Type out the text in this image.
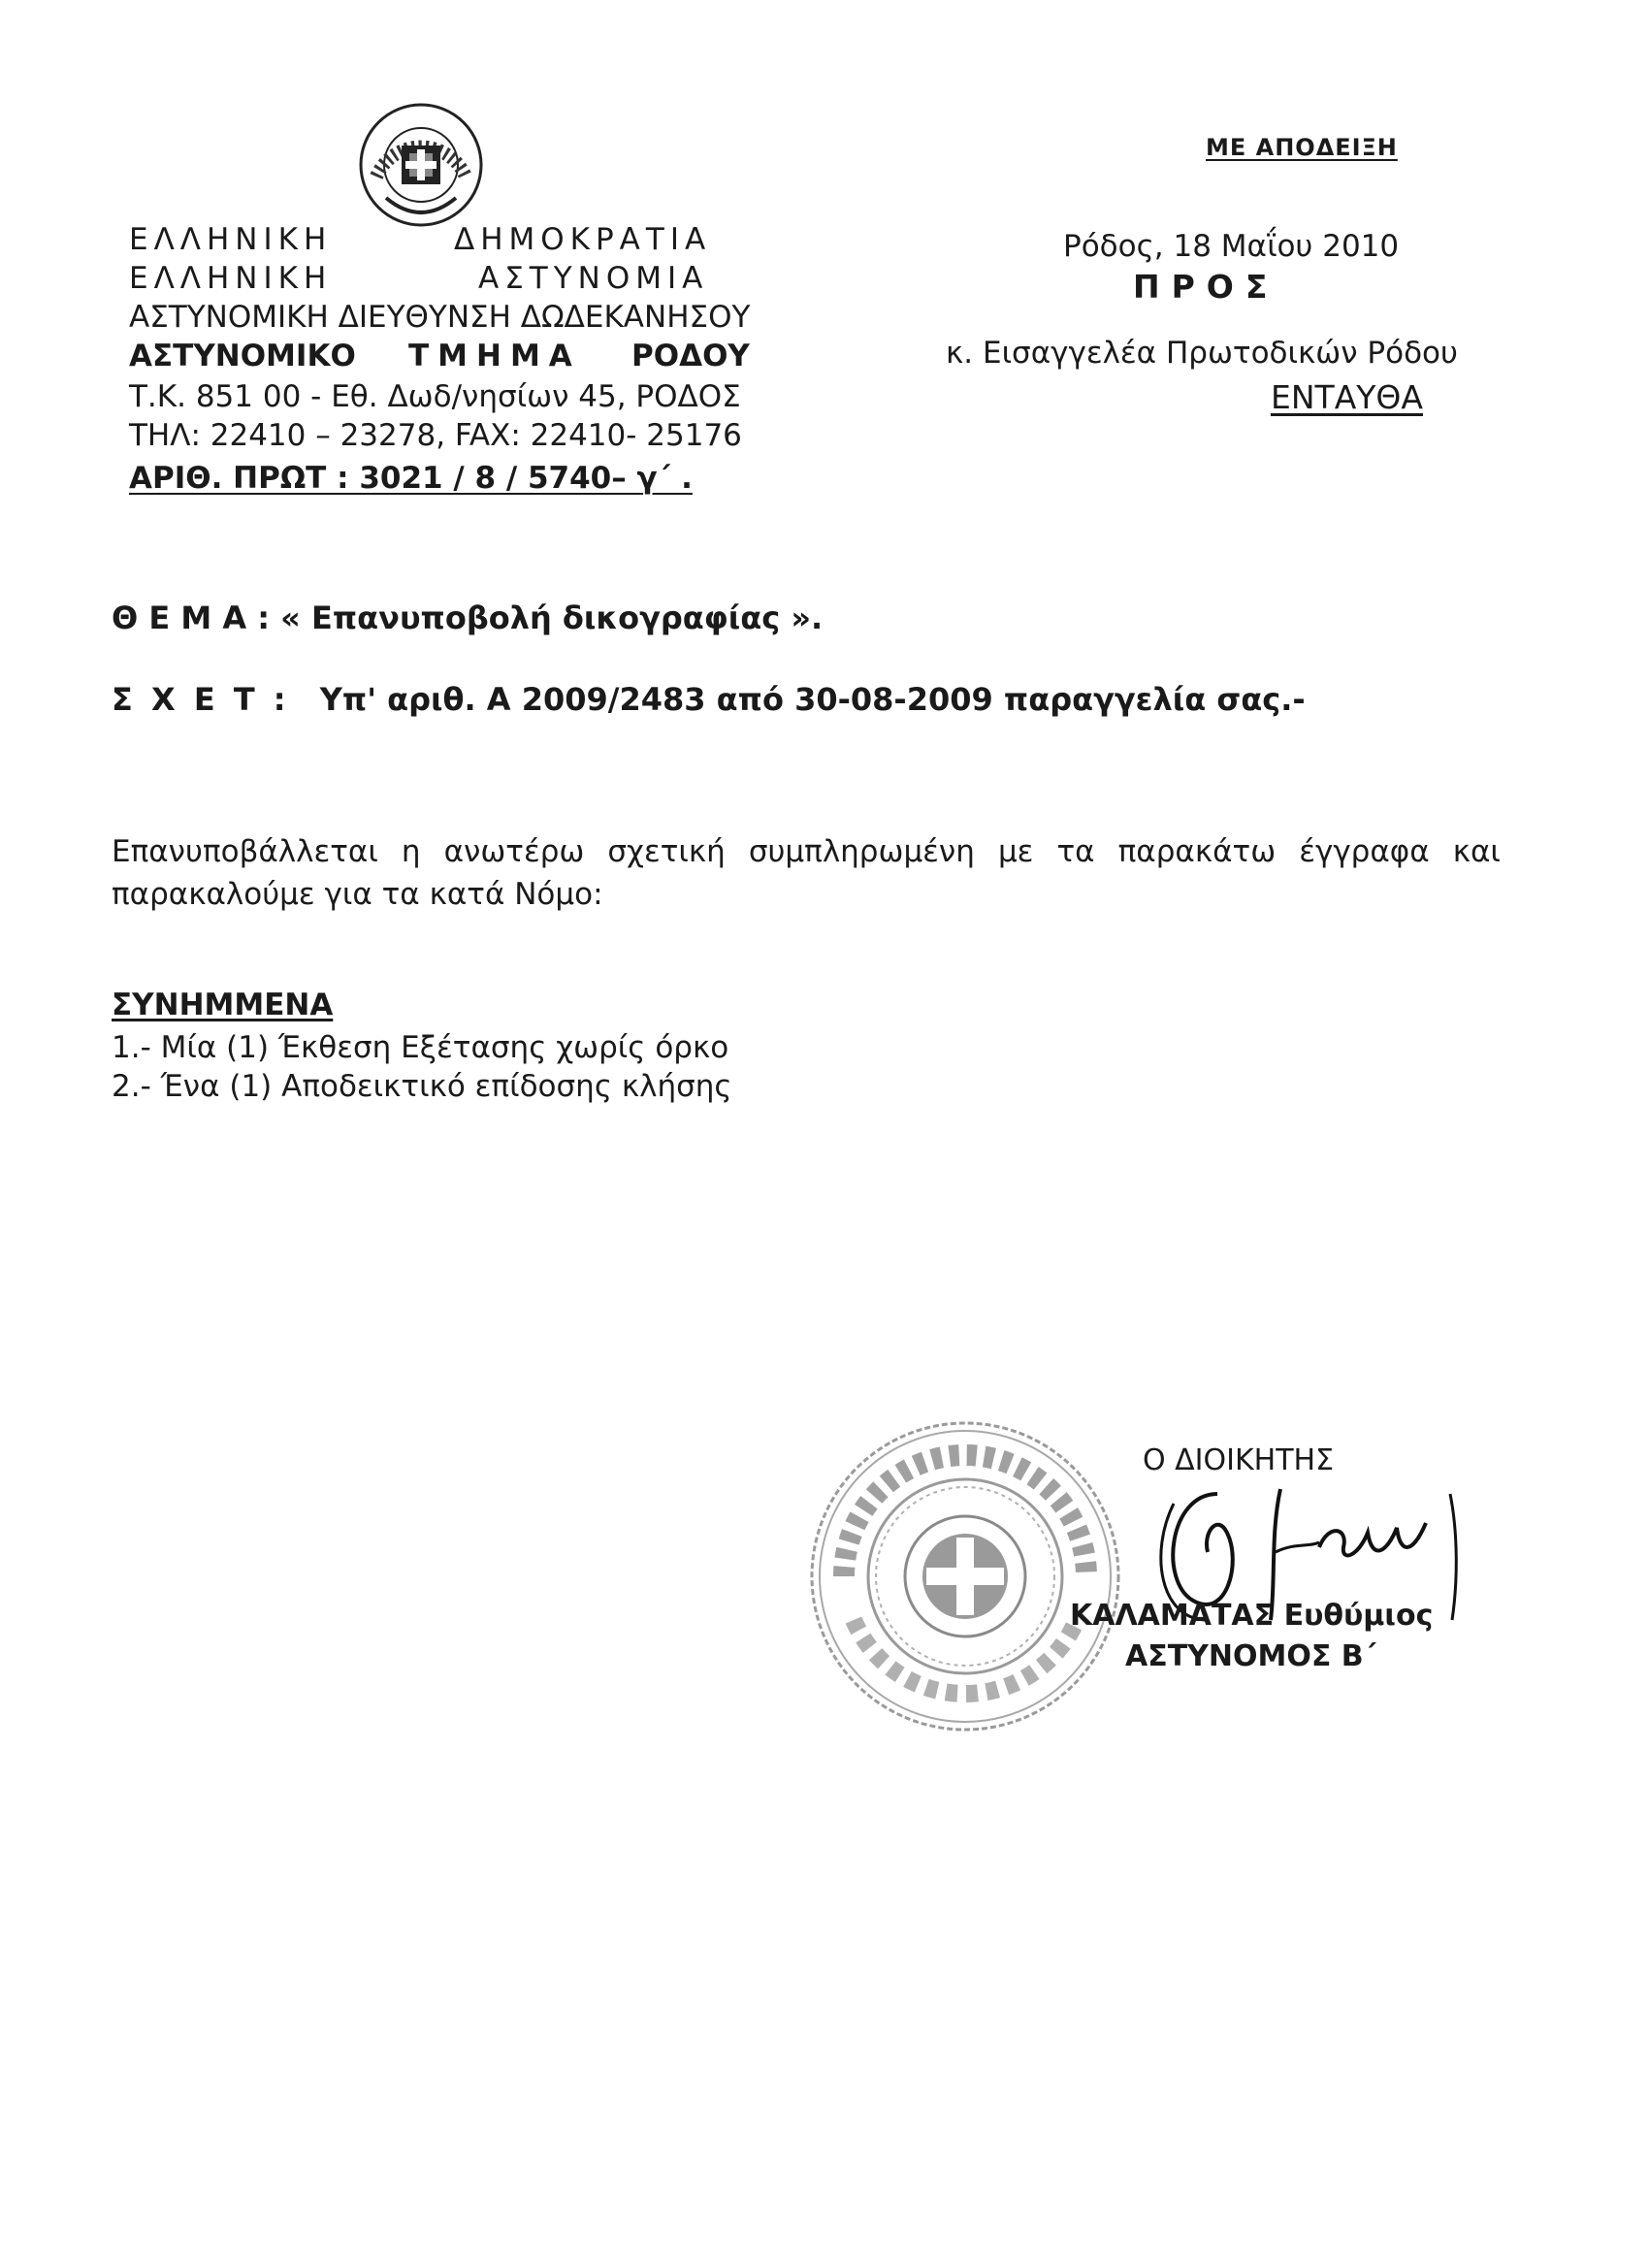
ΕΛΛΗΝΙΚΗ	ΔΗΜΟΚΡΑΤΙΑ
ΕΛΛΗΝΙΚΗ	ΑΣΤΥΝΟΜΙΑ
ΑΣΤΥΝΟΜΙΚΗ ΔΙΕΥΘΥΝΣΗ ΔΩΔΕΚΑΝΗΣΟΥ
ΑΣΤΥΝΟΜΙΚΟ ΤΜΗΜΑ ΡΟΔΟΥ
Τ.Κ. 851 00 - Εθ. Δωδ/νησίων 45, ΡΟΔΟΣ
ΤΗΛ: 22410 – 23278, FAX: 22410- 25176
ΑΡΙΘ. ΠΡΩΤ : 3021 / 8 / 5740– γ΄ .
ΜΕ ΑΠΟΔΕΙΞΗ
Ρόδος, 18 Μαΐου 2010
ΠΡΟΣ
κ. Εισαγγελέα Πρωτοδικών Ρόδου
ΕΝΤΑΥΘΑ
Θ Ε Μ Α : « Επανυποβολή δικογραφίας ».
Σ Χ Ε Τ : Υπ' αριθ. Α 2009/2483 από 30-08-2009 παραγγελία σας.-
Επανυποβάλλεται η ανωτέρω σχετική συμπληρωμένη με τα παρακάτω έγγραφα και
παρακαλούμε για τα κατά Νόμο:
ΣΥΝΗΜΜΕΝΑ
1.- Μία (1) Έκθεση Εξέτασης χωρίς όρκο
2.- Ένα (1) Αποδεικτικό επίδοσης κλήσης
Ο ΔΙΟΙΚΗΤΗΣ
ΚΑΛΑΜΑΤΑΣ Ευθύμιος
ΑΣΤΥΝΟΜΟΣ Β΄
